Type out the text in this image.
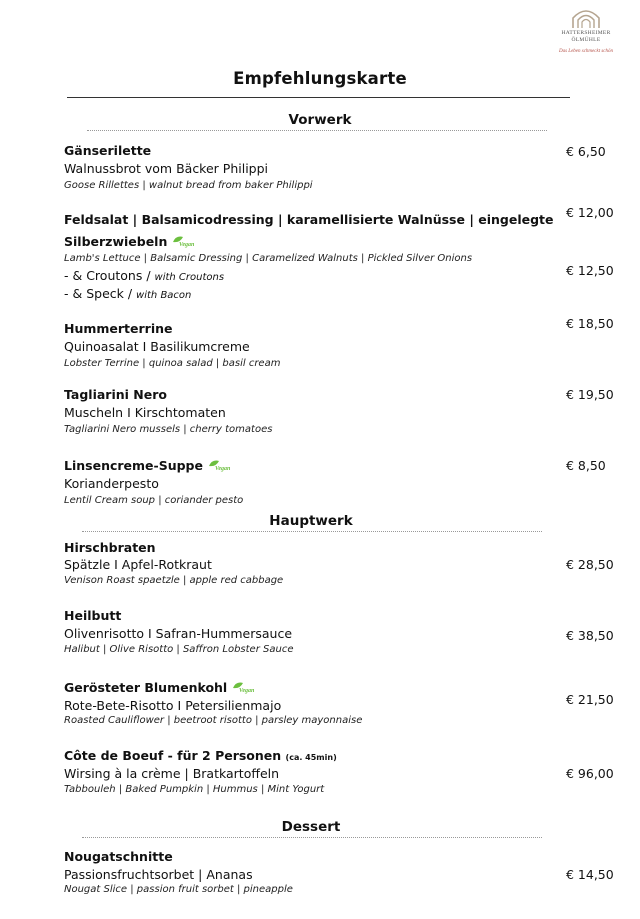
HATTERSHEIMER
ÖLMÜHLE
Das Leben schmeckt schön
Empfehlungskarte
Vorwerk
Gänserilette
Walnussbrot vom Bäcker Philippi
Goose Rillettes | walnut bread from baker Philippi
€ 6,50
Feldsalat | Balsamicodressing | karamellisierte Walnüsse | eingelegte
Silberzwiebeln Vegan
Lamb's Lettuce | Balsamic Dressing | Caramelized Walnuts | Pickled Silver Onions
- & Croutons / with Croutons
- & Speck / with Bacon
€ 12,00
€ 12,50
Hummerterrine
Quinoasalat I Basilikumcreme
Lobster Terrine | quinoa salad | basil cream
€ 18,50
Tagliarini Nero
Muscheln I Kirschtomaten
Tagliarini Nero mussels | cherry tomatoes
€ 19,50
Linsencreme-Suppe Vegan
Korianderpesto
Lentil Cream soup | coriander pesto
€ 8,50
Hauptwerk
Hirschbraten
Spätzle I Apfel-Rotkraut
Venison Roast spaetzle | apple red cabbage
€ 28,50
Heilbutt
Olivenrisotto I Safran-Hummersauce
Halibut | Olive Risotto | Saffron Lobster Sauce
€ 38,50
Gerösteter Blumenkohl Vegan
Rote-Bete-Risotto I Petersilienmajo
Roasted Cauliflower | beetroot risotto | parsley mayonnaise
€ 21,50
Côte de Boeuf - für 2 Personen (ca. 45min)
Wirsing à la crème | Bratkartoffeln
Tabbouleh | Baked Pumpkin | Hummus | Mint Yogurt
€ 96,00
Dessert
Nougatschnitte
Passionsfruchtsorbet | Ananas
Nougat Slice | passion fruit sorbet | pineapple
€ 14,50
